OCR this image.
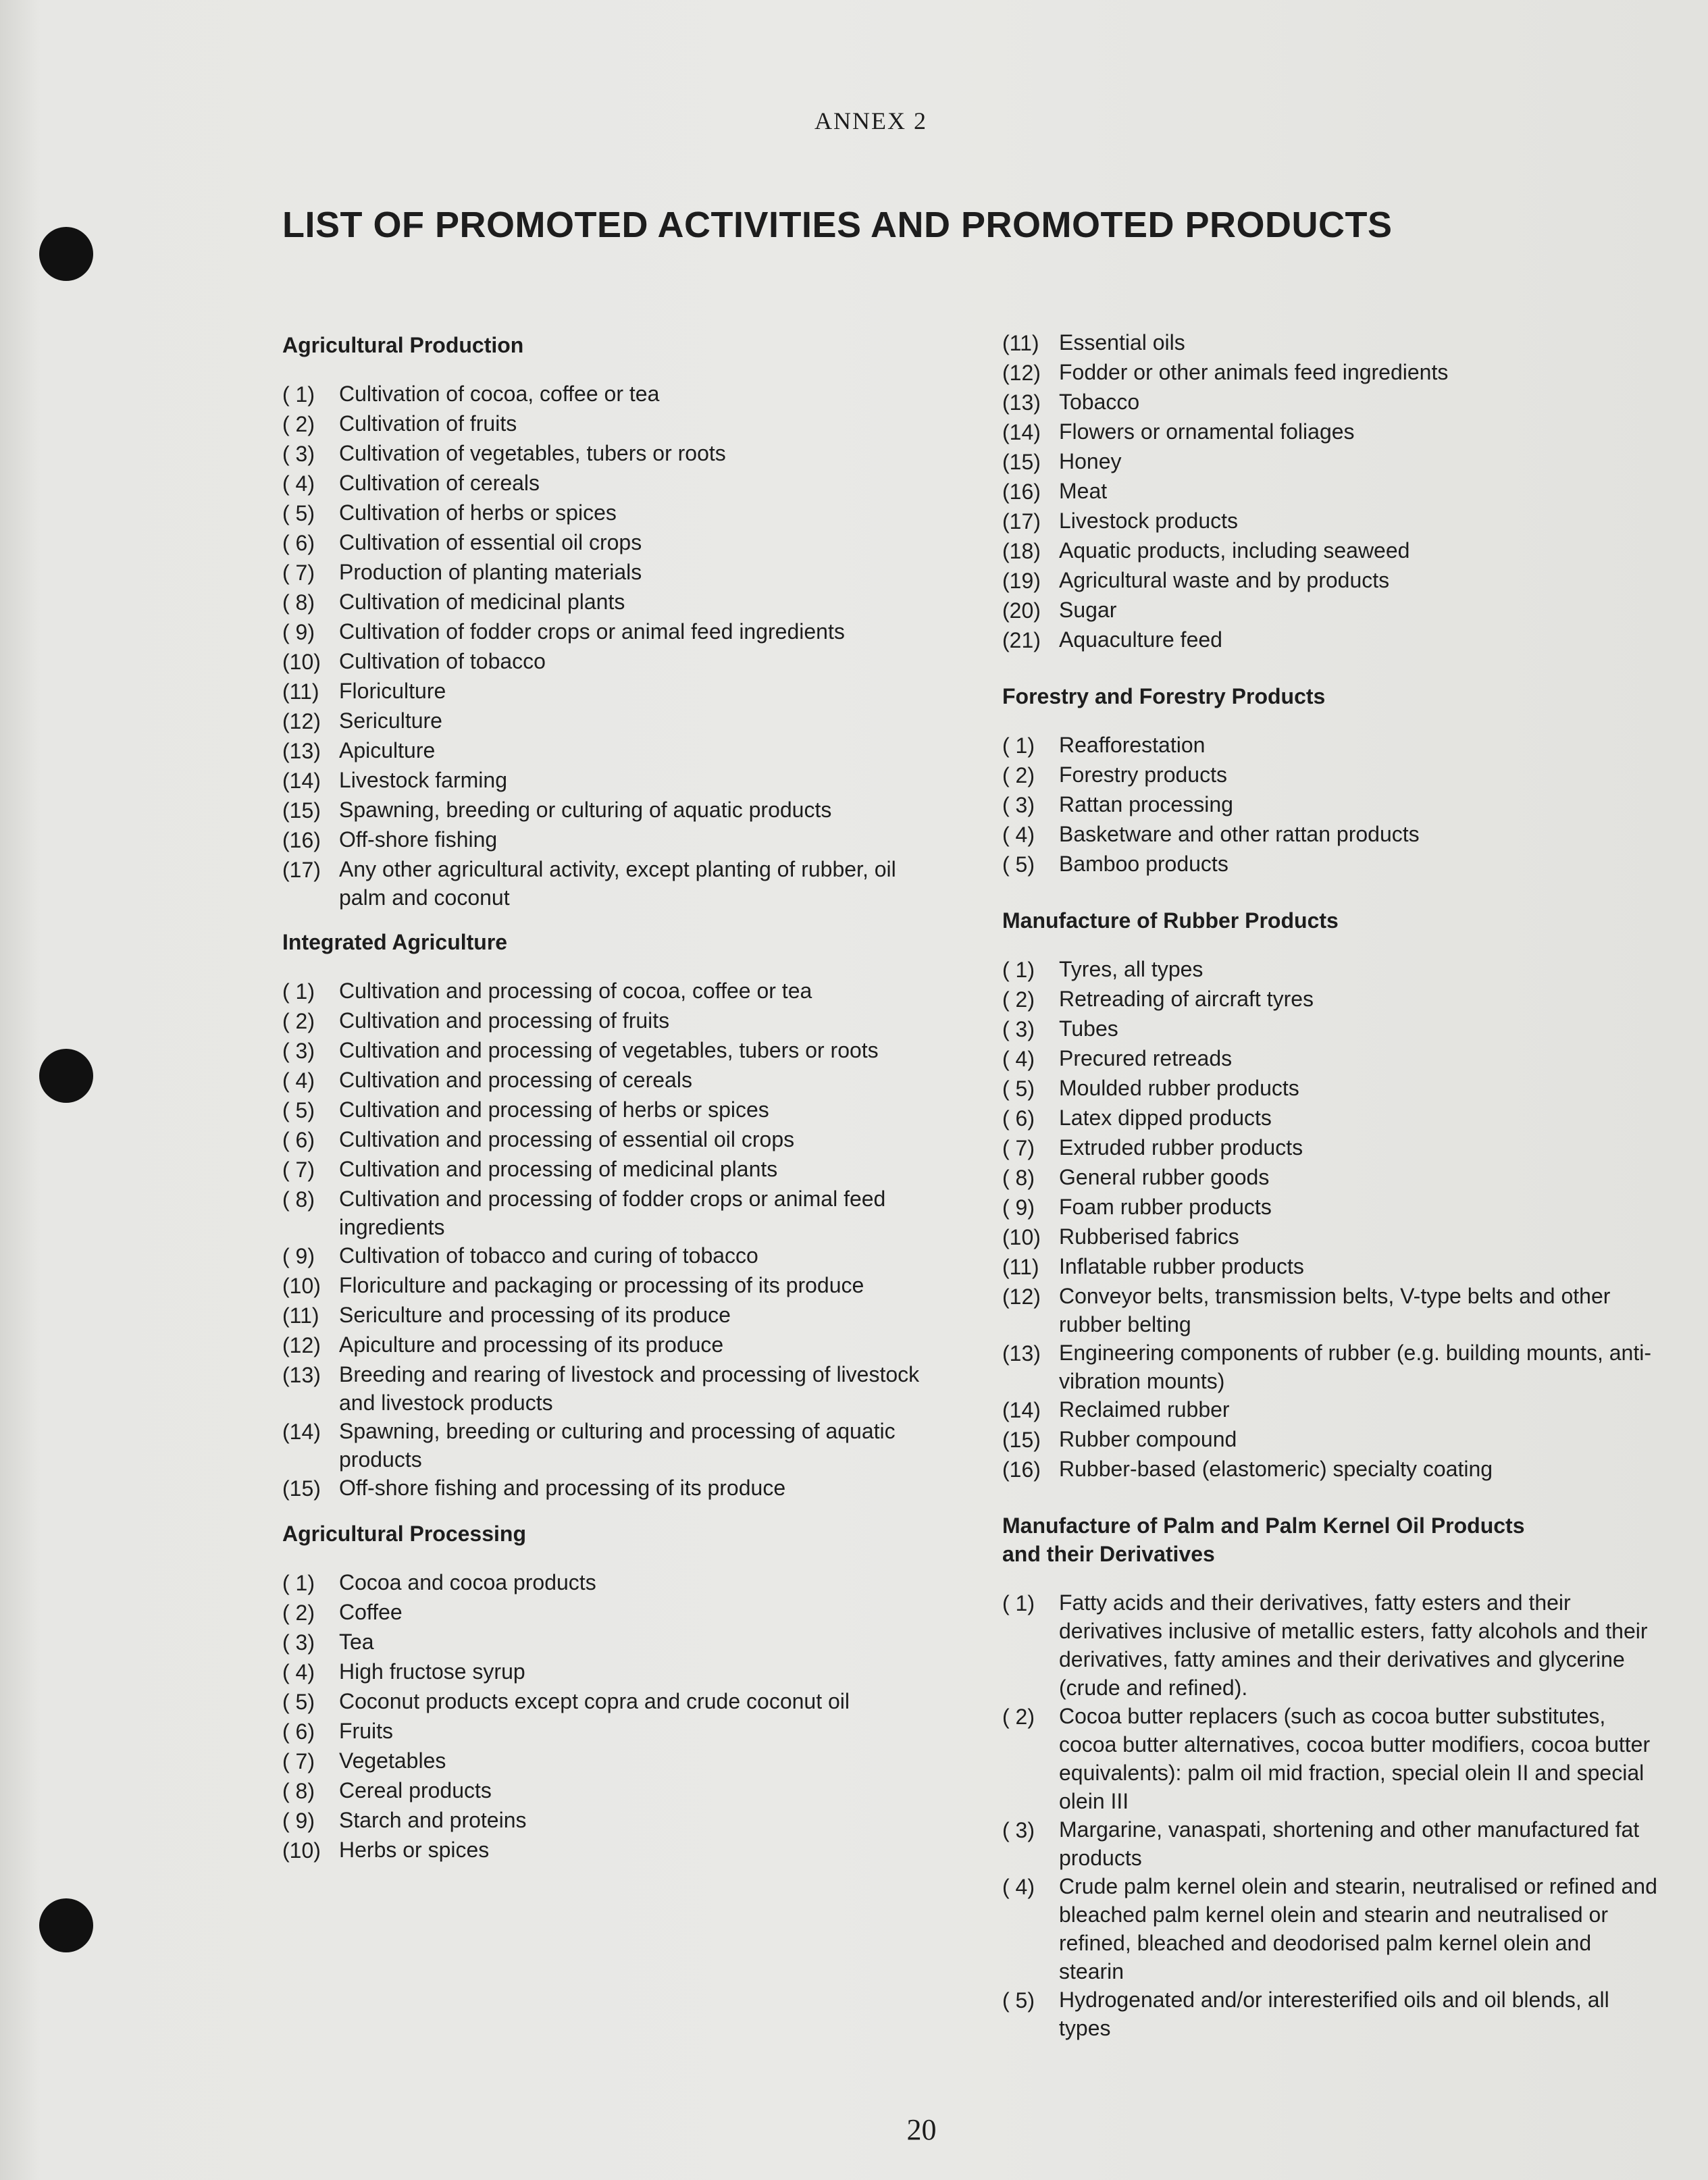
ANNEX 2
LIST OF PROMOTED ACTIVITIES AND PROMOTED PRODUCTS
Agricultural Production
( 1)	Cultivation of cocoa, coffee or tea
( 2)	Cultivation of fruits
( 3)	Cultivation of vegetables, tubers or roots
( 4)	Cultivation of cereals
( 5)	Cultivation of herbs or spices
( 6)	Cultivation of essential oil crops
( 7)	Production of planting materials
( 8)	Cultivation of medicinal plants
( 9)	Cultivation of fodder crops or animal feed ingredients
(10) Cultivation of tobacco
(11) Floriculture
(12) Sericulture
(13) Apiculture
(14) Livestock farming
(15) Spawning, breeding or culturing of aquatic products
(16) Off-shore fishing
(17) Any other agricultural activity, except planting of rubber, oil palm and coconut
Integrated Agriculture
( 1)	Cultivation and processing of cocoa, coffee or tea
( 2)	Cultivation and processing of fruits
( 3)	Cultivation and processing of vegetables, tubers or roots
( 4)	Cultivation and processing of cereals
( 5)	Cultivation and processing of herbs or spices
( 6)	Cultivation and processing of essential oil crops
( 7)	Cultivation and processing of medicinal plants
( 8)	Cultivation and processing of fodder crops or animal feed ingredients
( 9)	Cultivation of tobacco and curing of tobacco
(10) Floriculture and packaging or processing of its produce
(11) Sericulture and processing of its produce
(12) Apiculture and processing of its produce
(13) Breeding and rearing of livestock and processing of livestock and livestock products
(14) Spawning, breeding or culturing and processing of aquatic products
(15) Off-shore fishing and processing of its produce
Agricultural Processing
( 1)	Cocoa and cocoa products
( 2)	Coffee
( 3)	Tea
( 4)	High fructose syrup
( 5)	Coconut products except copra and crude coconut oil
( 6)	Fruits
( 7)	Vegetables
( 8)	Cereal products
( 9)	Starch and proteins
(10) Herbs or spices
(11) Essential oils
(12) Fodder or other animals feed ingredients
(13) Tobacco
(14) Flowers or ornamental foliages
(15) Honey
(16) Meat
(17) Livestock products
(18) Aquatic products, including seaweed
(19) Agricultural waste and by products
(20) Sugar
(21) Aquaculture feed
Forestry and Forestry Products
( 1)	Reafforestation
( 2)	Forestry products
( 3)	Rattan processing
( 4)	Basketware and other rattan products
( 5)	Bamboo products
Manufacture of Rubber Products
( 1)	Tyres, all types
( 2)	Retreading of aircraft tyres
( 3)	Tubes
( 4)	Precured retreads
( 5)	Moulded rubber products
( 6)	Latex dipped products
( 7)	Extruded rubber products
( 8)	General rubber goods
( 9)	Foam rubber products
(10) Rubberised fabrics
(11) Inflatable rubber products
(12) Conveyor belts, transmission belts, V-type belts and other rubber belting
(13) Engineering components of rubber (e.g. building mounts, anti-vibration mounts)
(14) Reclaimed rubber
(15) Rubber compound
(16) Rubber-based (elastomeric) specialty coating
Manufacture of Palm and Palm Kernel Oil Products and their Derivatives
( 1)	Fatty acids and their derivatives, fatty esters and their derivatives inclusive of metallic esters, fatty alcohols and their derivatives, fatty amines and their derivatives and glycerine (crude and refined).
( 2)	Cocoa butter replacers (such as cocoa butter substitutes, cocoa butter alternatives, cocoa butter modifiers, cocoa butter equivalents): palm oil mid fraction, special olein II and special olein III
( 3)	Margarine, vanaspati, shortening and other manufactured fat products
( 4)	Crude palm kernel olein and stearin, neutralised or refined and bleached palm kernel olein and stearin and neutralised or refined, bleached and deodorised palm kernel olein and stearin
( 5)	Hydrogenated and/or interesterified oils and oil blends, all types
20
